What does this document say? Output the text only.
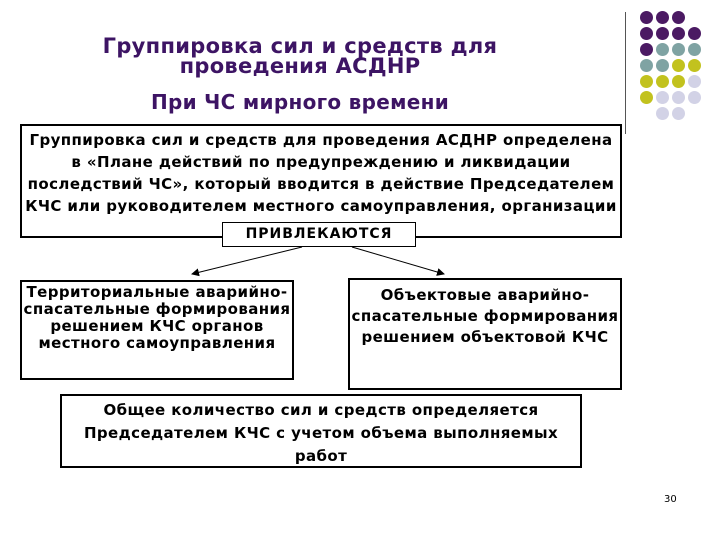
Группировка сил и средств для проведения АСДНР
При ЧС мирного времени
Группировка сил и средств для проведения АСДНР определена в «Плане действий по предупреждению и ликвидации последствий ЧС», который вводится в действие Председателем КЧС или руководителем местного самоуправления, организации
ПРИВЛЕКАЮТСЯ
Территориальные аварийно-спасательные формирования решением КЧС органов местного самоуправления
Объектовые аварийно-спасательные формирования решением объектовой КЧС
Общее количество сил и средств определяется Председателем КЧС с учетом объема выполняемых работ
30
